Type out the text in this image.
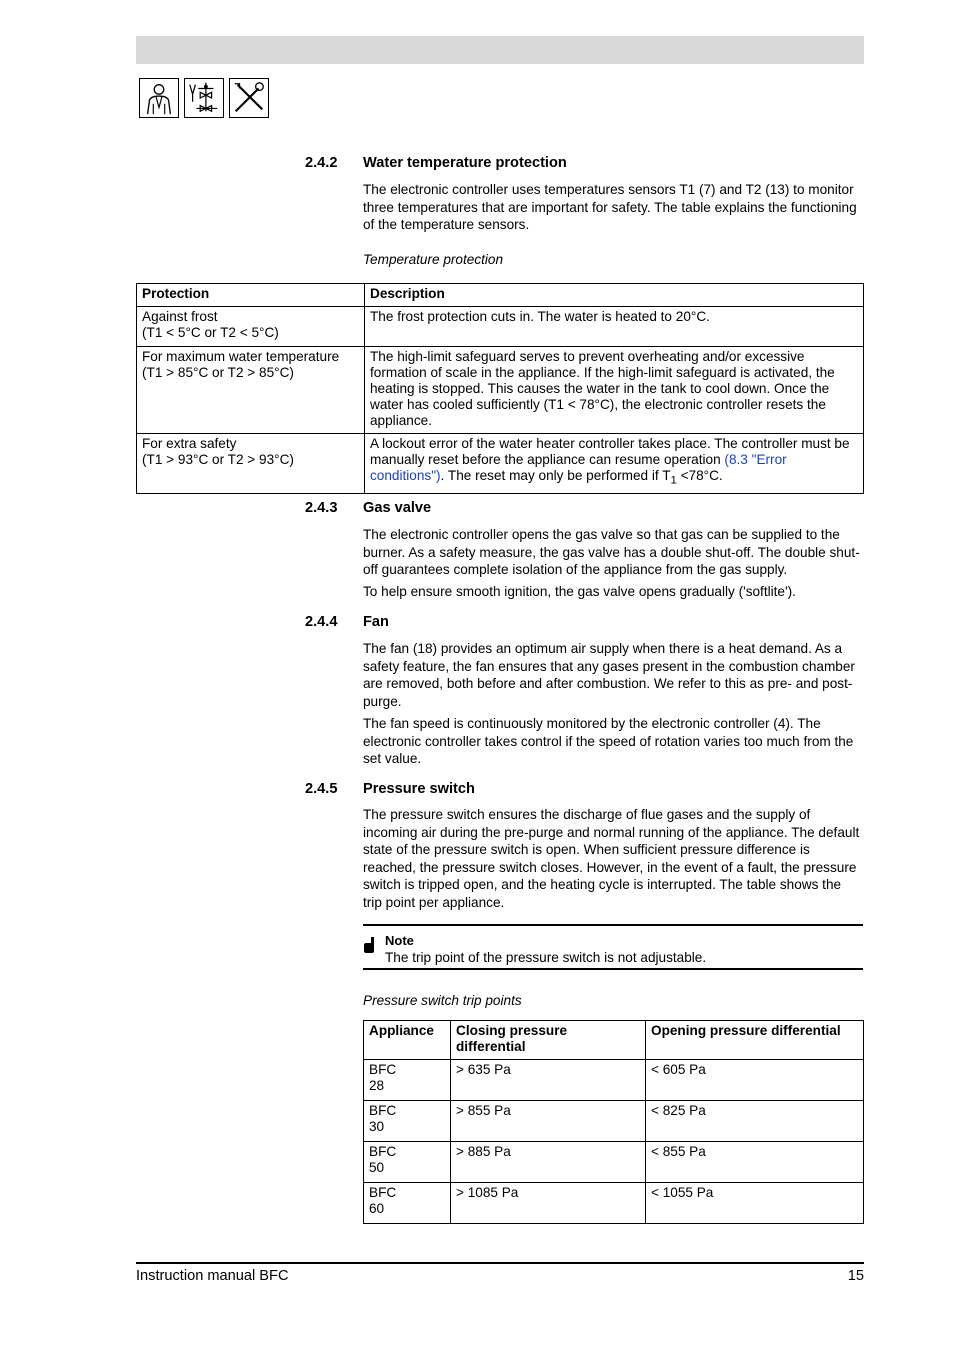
2.4.2 Water temperature protection

The electronic controller uses temperatures sensors T1 (7) and T2 (13) to monitor three temperatures that are important for safety. The table explains the functioning of the temperature sensors.

Temperature protection
Protection	Description

Against frost
(T1 < 5°C or T2 < 5°C)	The frost protection cuts in. The water is heated to 20°C.

For maximum water temperature
(T1 > 85°C or T2 > 85°C)	The high-limit safeguard serves to prevent overheating and/or excessive formation of scale in the appliance. If the high-limit safeguard is activated, the heating is stopped. This causes the water in the tank to cool down. Once the water has cooled sufficiently (T1 < 78°C), the electronic controller resets the appliance.

For extra safety
(T1 > 93°C or T2 > 93°C)	A lockout error of the water heater controller takes place. The controller must be manually reset before the appliance can resume operation (8.3 "Error conditions"). The reset may only be performed if $T_1 <78^\circ C$.
2.4.3 Gas valve

The electronic controller opens the gas valve so that gas can be supplied to the burner. As a safety measure, the gas valve has a double shut-off. The double shut-off guarantees complete isolation of the appliance from the gas supply.

To help ensure smooth ignition, the gas valve opens gradually ('softlite').

2.4.4 Fan

The fan (18) provides an optimum air supply when there is a heat demand. As a safety feature, the fan ensures that any gases present in the combustion chamber are removed, both before and after combustion. We refer to this as pre- and post-purge.

The fan speed is continuously monitored by the electronic controller (4). The electronic controller takes control if the speed of rotation varies too much from the set value.

2.4.5 Pressure switch

The pressure switch ensures the discharge of flue gases and the supply of incoming air during the pre-purge and normal running of the appliance. The default state of the pressure switch is open. When sufficient pressure difference is reached, the pressure switch closes. However, in the event of a fault, the pressure switch is tripped open, and the heating cycle is interrupted. The table shows the trip point per appliance.

Note
The trip point of the pressure switch is not adjustable.
Pressure switch trip points
Appliance	Closing pressure differential	Opening pressure differential

BFC
28	> 635 Pa	< 605 Pa

BFC
30	> 855 Pa	< 825 Pa

BFC
50	> 885 Pa	< 855 Pa

BFC
60	> 1085 Pa	< 1055 Pa
Instruction manual BFC	15
